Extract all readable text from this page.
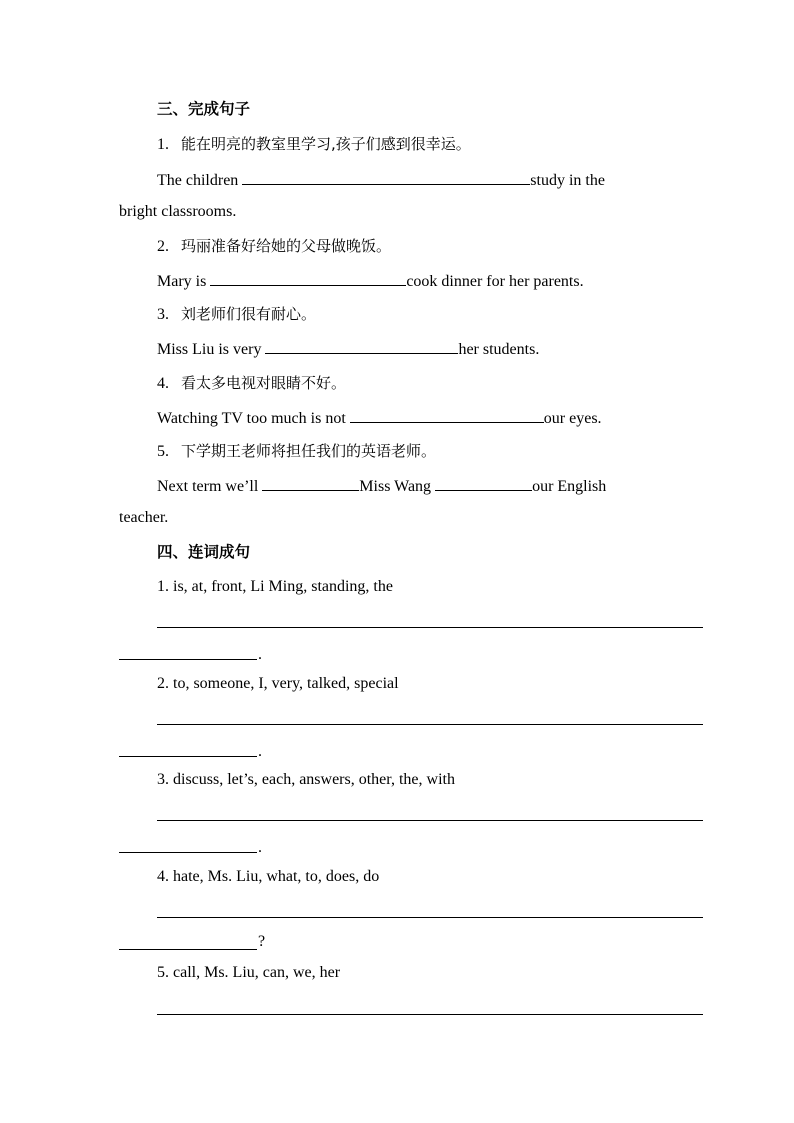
三、完成句子
1. 能在明亮的教室里学习,孩子们感到很幸运。
The children	study in the
bright classrooms.
2. 玛丽准备好给她的父母做晚饭。
Mary is	cook dinner for her parents.
3. 刘老师们很有耐心。
Miss Liu is very	her students.
4. 看太多电视对眼睛不好。
Watching TV too much is not	our eyes.
5. 下学期王老师将担任我们的英语老师。
Next term we’ll	Miss Wang	our English
teacher.
四、连词成句
1. is, at, front, Li Ming, standing, the
.
2. to, someone, I, very, talked, special
.
3. discuss, let’s, each, answers, other, the, with
.
4. hate, Ms. Liu, what, to, does, do
?
5. call, Ms. Liu, can, we, her
